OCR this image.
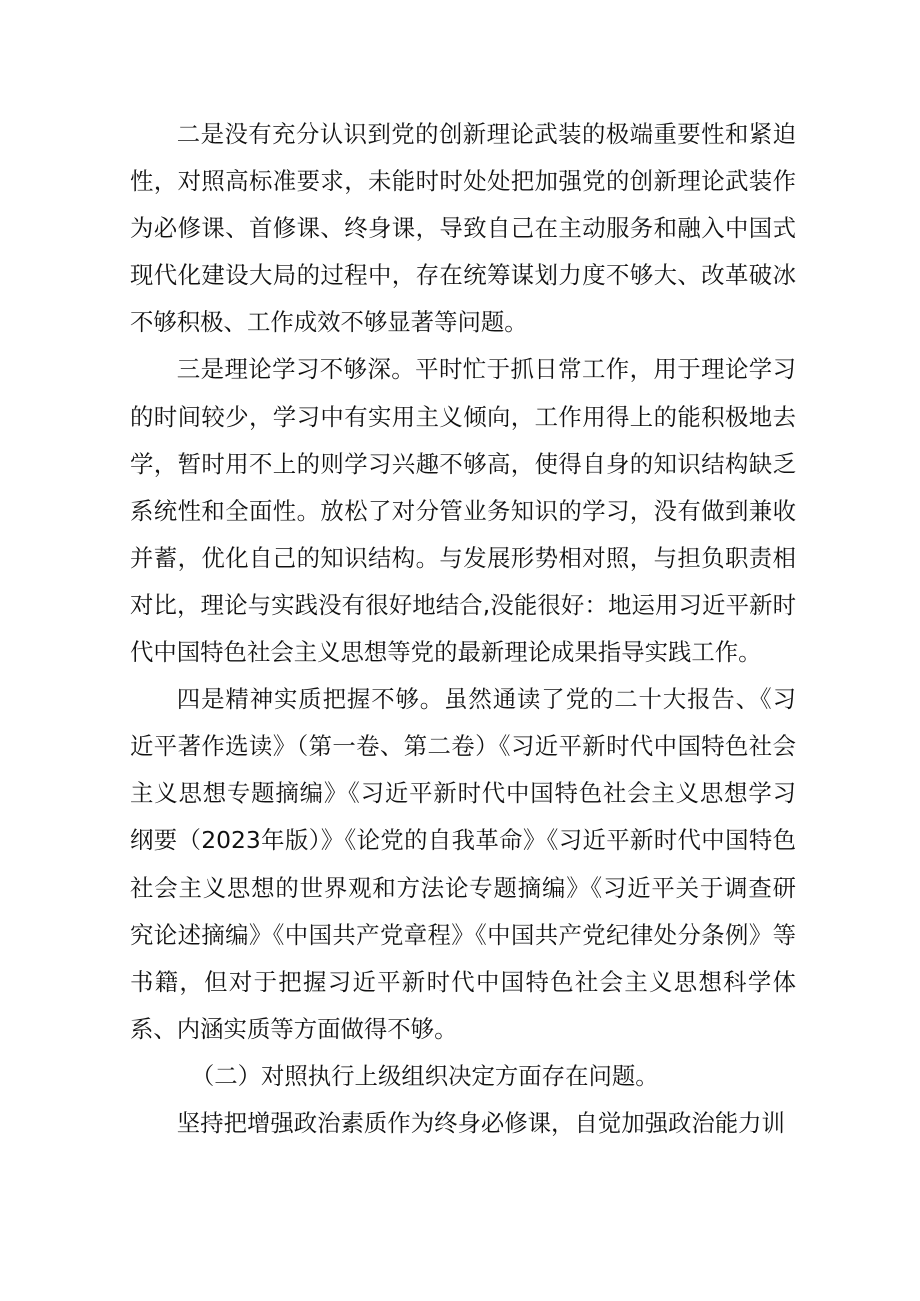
二是没有充分认识到党的创新理论武装的极端重要性和紧迫性，对照高标准要求，未能时时处处把加强党的创新理论武装作为必修课、首修课、终身课，导致自己在主动服务和融入中国式现代化建设大局的过程中，存在统筹谋划力度不够大、改革破冰不够积极、工作成效不够显著等问题。

三是理论学习不够深。平时忙于抓日常工作，用于理论学习的时间较少，学习中有实用主义倾向，工作用得上的能积极地去学，暂时用不上的则学习兴趣不够高，使得自身的知识结构缺乏系统性和全面性。放松了对分管业务知识的学习，没有做到兼收并蓄，优化自己的知识结构。与发展形势相对照，与担负职责相对比，理论与实践没有很好地结合,没能很好：地运用习近平新时代中国特色社会主义思想等党的最新理论成果指导实践工作。

四是精神实质把握不够。虽然通读了党的二十大报告、《习近平著作选读》（第一卷、第二卷）《习近平新时代中国特色社会主义思想专题摘编》《习近平新时代中国特色社会主义思想学习纲要（2023年版）》《论党的自我革命》《习近平新时代中国特色社会主义思想的世界观和方法论专题摘编》《习近平关于调查研究论述摘编》《中国共产党章程》《中国共产党纪律处分条例》等书籍，但对于把握习近平新时代中国特色社会主义思想科学体系、内涵实质等方面做得不够。

（二）对照执行上级组织决定方面存在问题。

坚持把增强政治素质作为终身必修课，自觉加强政治能力训
